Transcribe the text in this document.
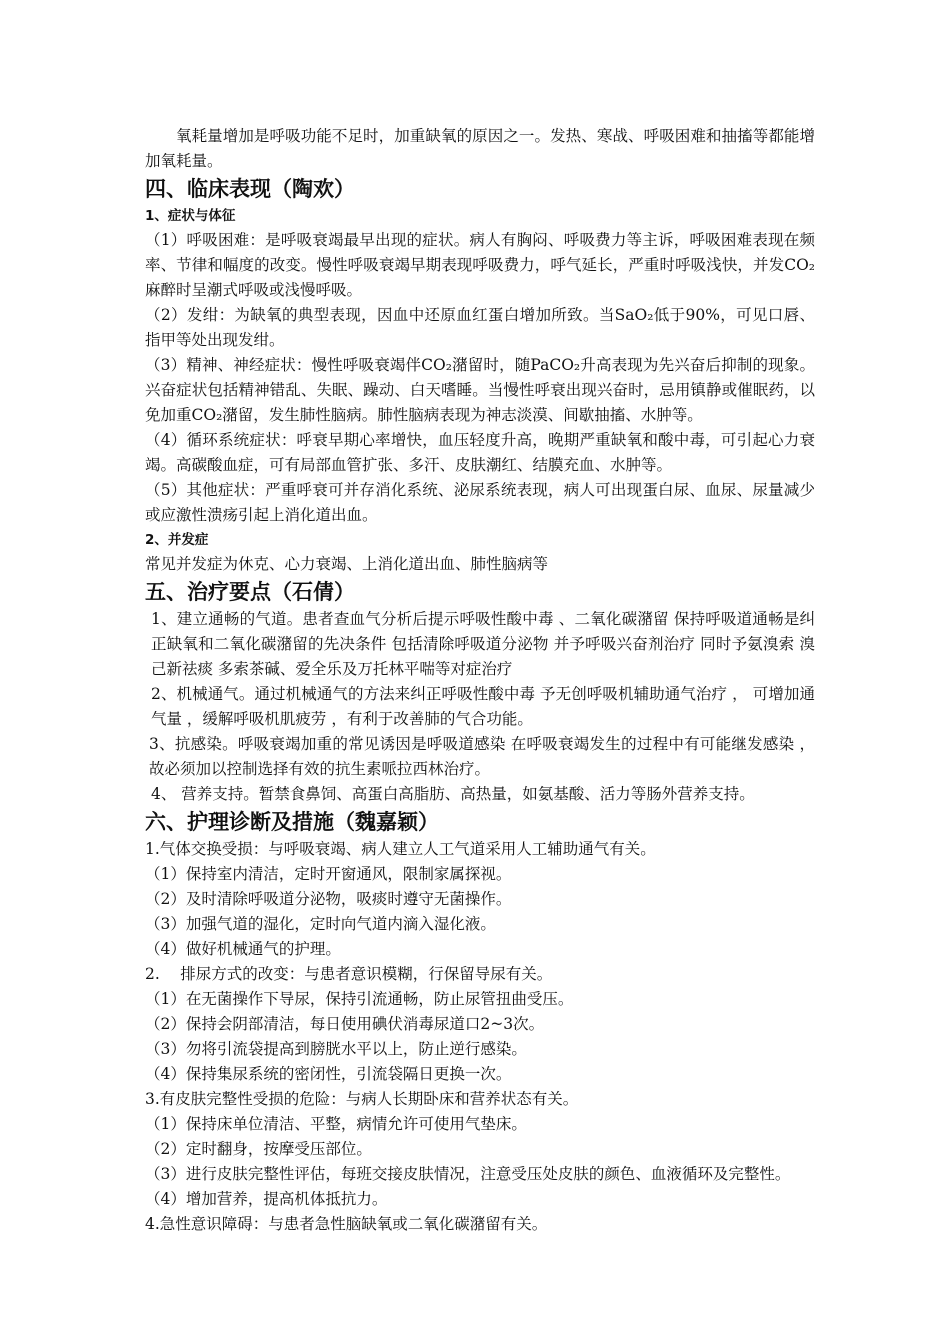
氧耗量增加是呼吸功能不足时，加重缺氧的原因之一。发热、寒战、呼吸困难和抽搐等都能增加氧耗量。

四、临床表现（陶欢）
1、症状与体征

（1）呼吸困难：是呼吸衰竭最早出现的症状。病人有胸闷、呼吸费力等主诉，呼吸困难表现在频率、节律和幅度的改变。慢性呼吸衰竭早期表现呼吸费力，呼气延长，严重时呼吸浅快，并发CO₂麻醉时呈潮式呼吸或浅慢呼吸。

（2）发绀：为缺氧的典型表现，因血中还原血红蛋白增加所致。当SaO₂低于90%，可见口唇、指甲等处出现发绀。

（3）精神、神经症状：慢性呼吸衰竭伴CO₂潴留时，随PaCO₂升高表现为先兴奋后抑制的现象。兴奋症状包括精神错乱、失眠、躁动、白天嗜睡。当慢性呼衰出现兴奋时，忌用镇静或催眠药，以免加重CO₂潴留，发生肺性脑病。肺性脑病表现为神志淡漠、间歇抽搐、水肿等。

（4）循环系统症状：呼衰早期心率增快，血压轻度升高，晚期严重缺氧和酸中毒，可引起心力衰竭。高碳酸血症，可有局部血管扩张、多汗、皮肤潮红、结膜充血、水肿等。

（5）其他症状：严重呼衰可并存消化系统、泌尿系统表现，病人可出现蛋白尿、血尿、尿量减少或应激性溃疡引起上消化道出血。

2、并发症

常见并发症为休克、心力衰竭、上消化道出血、肺性脑病等

五、治疗要点（石倩）

1、建立通畅的气道。患者查血气分析后提示呼吸性酸中毒 、二氧化碳潴留 保持呼吸道通畅是纠正缺氧和二氧化碳潴留的先决条件 包括清除呼吸道分泌物 并予呼吸兴奋剂治疗 同时予氨溴索 溴己新祛痰 多索茶碱、爱全乐及万托林平喘等对症治疗

2、机械通气。通过机械通气的方法来纠正呼吸性酸中毒 予无创呼吸机辅助通气治疗 ， 可增加通气量 ，缓解呼吸机肌疲劳 ，有利于改善肺的气合功能。

3、抗感染。呼吸衰竭加重的常见诱因是呼吸道感染 在呼吸衰竭发生的过程中有可能继发感染 ， 故必须加以控制选择有效的抗生素哌拉西林治疗。

4、 营养支持。暂禁食鼻饲、高蛋白高脂肪、高热量，如氨基酸、活力等肠外营养支持。

六、护理诊断及措施（魏嘉颖）

1.气体交换受损：与呼吸衰竭、病人建立人工气道采用人工辅助通气有关。

（1）保持室内清洁，定时开窗通风，限制家属探视。

（2）及时清除呼吸道分泌物，吸痰时遵守无菌操作。

（3）加强气道的湿化，定时向气道内滴入湿化液。

（4）做好机械通气的护理。

2.　 排尿方式的改变：与患者意识模糊，行保留导尿有关。

（1）在无菌操作下导尿，保持引流通畅，防止尿管扭曲受压。

（2）保持会阴部清洁，每日使用碘伏消毒尿道口2~3次。

（3）勿将引流袋提高到膀胱水平以上，防止逆行感染。

（4）保持集尿系统的密闭性，引流袋隔日更换一次。

3.有皮肤完整性受损的危险：与病人长期卧床和营养状态有关。

（1）保持床单位清洁、平整，病情允许可使用气垫床。

（2）定时翻身，按摩受压部位。

（3）进行皮肤完整性评估，每班交接皮肤情况，注意受压处皮肤的颜色、血液循环及完整性。

（4）增加营养，提高机体抵抗力。

4.急性意识障碍：与患者急性脑缺氧或二氧化碳潴留有关。
